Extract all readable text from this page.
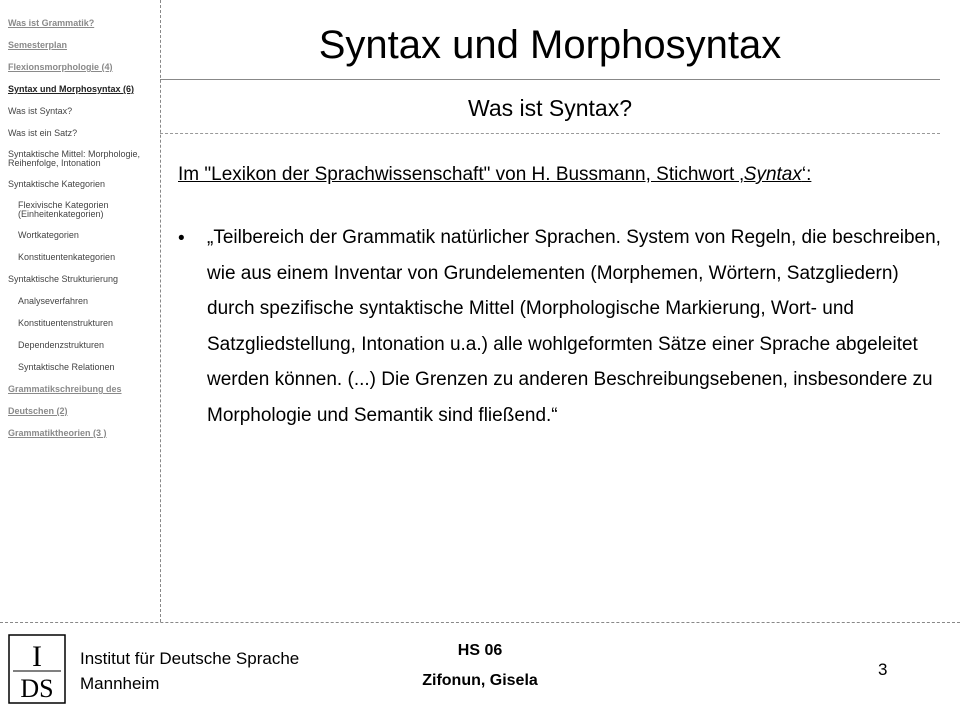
Was ist Grammatik?
Semesterplan
Flexionsmorphologie (4)
Syntax und Morphosyntax (6)
Was ist Syntax?
Was ist ein Satz?
Syntaktische Mittel: Morphologie, Reihenfolge, Intonation
Syntaktische Kategorien
Flexivische Kategorien (Einheitenkategorien)
Wortkategorien
Konstituentenkategorien
Syntaktische Strukturierung
Analyseverfahren
Konstituentenstrukturen
Dependenzstrukturen
Syntaktische Relationen
Grammatikschreibung des
Deutschen (2)
Grammatiktheorien (3 )
Syntax und Morphosyntax
Was ist Syntax?
Im "Lexikon der Sprachwissenschaft" von H. Bussmann, Stichwort ‚Syntax‘:
• „Teilbereich der Grammatik natürlicher Sprachen. System von Regeln, die beschreiben, wie aus einem Inventar von Grundelementen (Morphemen, Wörtern, Satzgliedern) durch spezifische syntaktische Mittel (Morphologische Markierung, Wort- und Satzgliedstellung, Intonation u.a.) alle wohlgeformten Sätze einer Sprache abgeleitet werden können. (...) Die Grenzen zu anderen Beschreibungsebenen, insbesondere zu Morphologie und Semantik sind fließend.“
I
DS
Institut für Deutsche Sprache
Mannheim
HS 06
Zifonun, Gisela
3
